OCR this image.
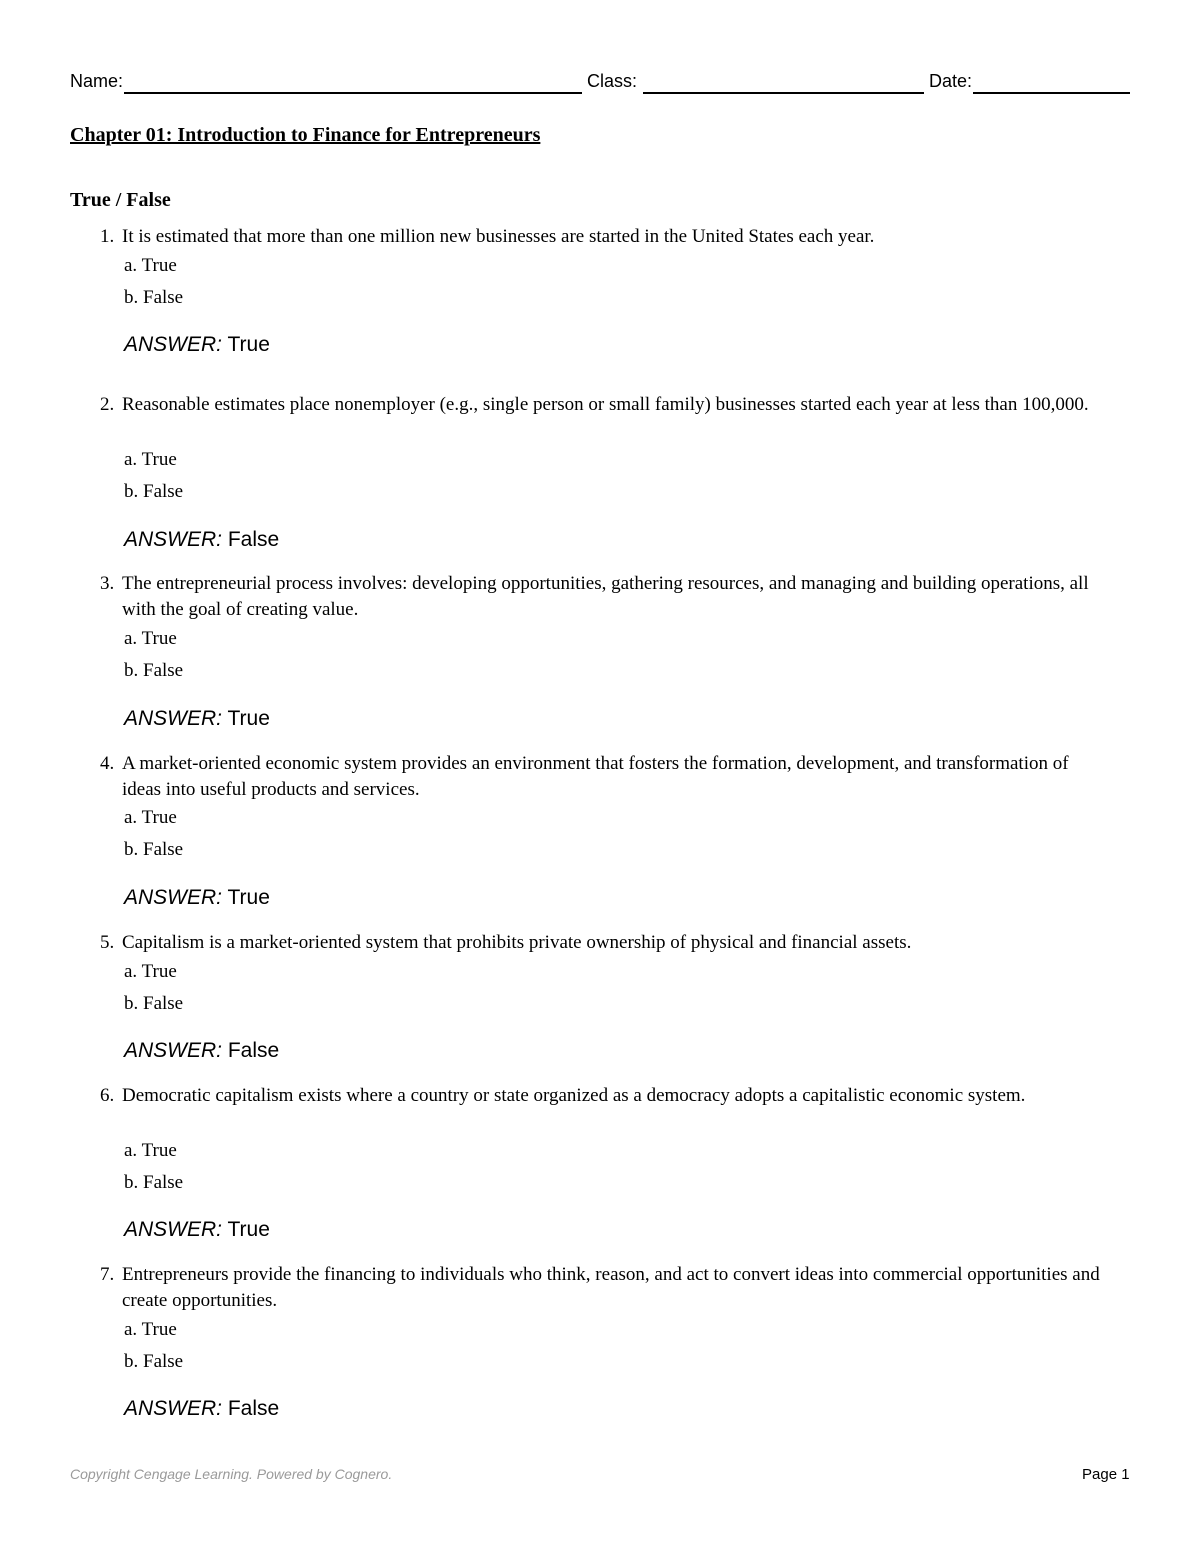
Name:	Class:	Date:
Chapter 01: Introduction to Finance for Entrepreneurs
True / False
1. It is estimated that more than one million new businesses are started in the United States each year.
a. True
b. False
ANSWER: True
2. Reasonable estimates place nonemployer (e.g., single person or small family) businesses started each year at less than 100,000.
a. True
b. False
ANSWER: False
3. The entrepreneurial process involves: developing opportunities, gathering resources, and managing and building operations, all with the goal of creating value.
a. True
b. False
ANSWER: True
4. A market-oriented economic system provides an environment that fosters the formation, development, and transformation of ideas into useful products and services.
a. True
b. False
ANSWER: True
5. Capitalism is a market-oriented system that prohibits private ownership of physical and financial assets.
a. True
b. False
ANSWER: False
6. Democratic capitalism exists where a country or state organized as a democracy adopts a capitalistic economic system.
a. True
b. False
ANSWER: True
7. Entrepreneurs provide the financing to individuals who think, reason, and act to convert ideas into commercial opportunities and create opportunities.
a. True
b. False
ANSWER: False
Copyright Cengage Learning. Powered by Cognero.	Page 1
